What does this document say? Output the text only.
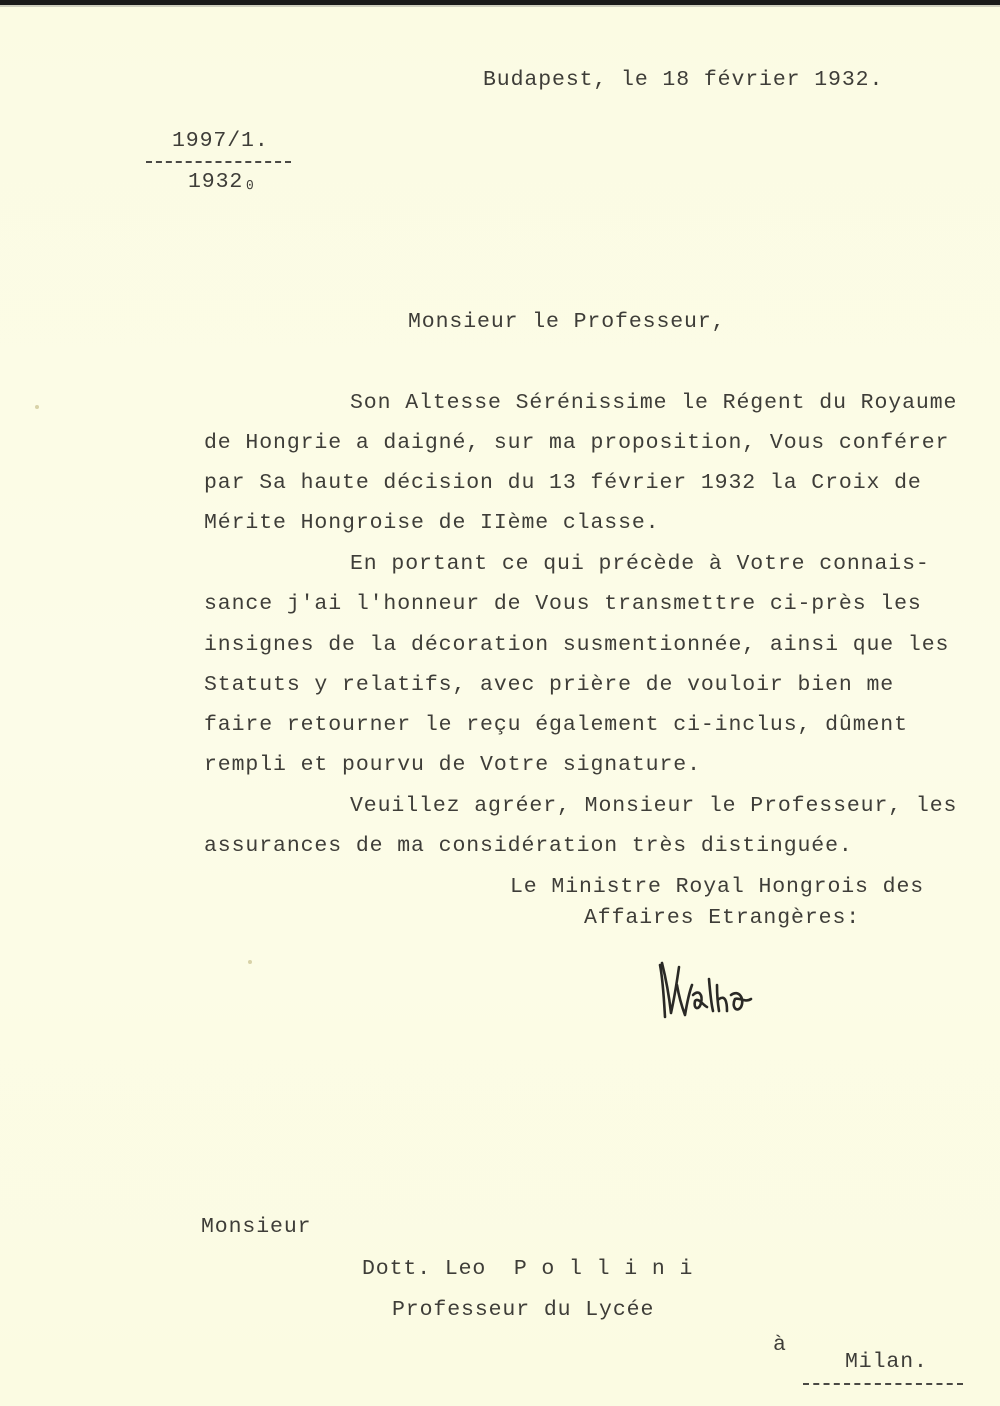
Budapest, le 18 février 1932.
1997/1.
1932₀
Monsieur le Professeur,
Son Altesse Sérénissime le Régent du Royaume
de Hongrie a daigné, sur ma proposition, Vous conférer
par Sa haute décision du 13 février 1932 la Croix de
Mérite Hongroise de IIème classe.
En portant ce qui précède à Votre connais-
sance j'ai l'honneur de Vous transmettre ci-près les
insignes de la décoration susmentionnée, ainsi que les
Statuts y relatifs, avec prière de vouloir bien me
faire retourner le reçu également ci-inclus, dûment
rempli et pourvu de Votre signature.
Veuillez agréer, Monsieur le Professeur, les
assurances de ma considération très distinguée.
Le Ministre Royal Hongrois des
Affaires Etrangères:
Monsieur
Dott. Leo  P o l l i n i
Professeur du Lycée
à
Milan.
